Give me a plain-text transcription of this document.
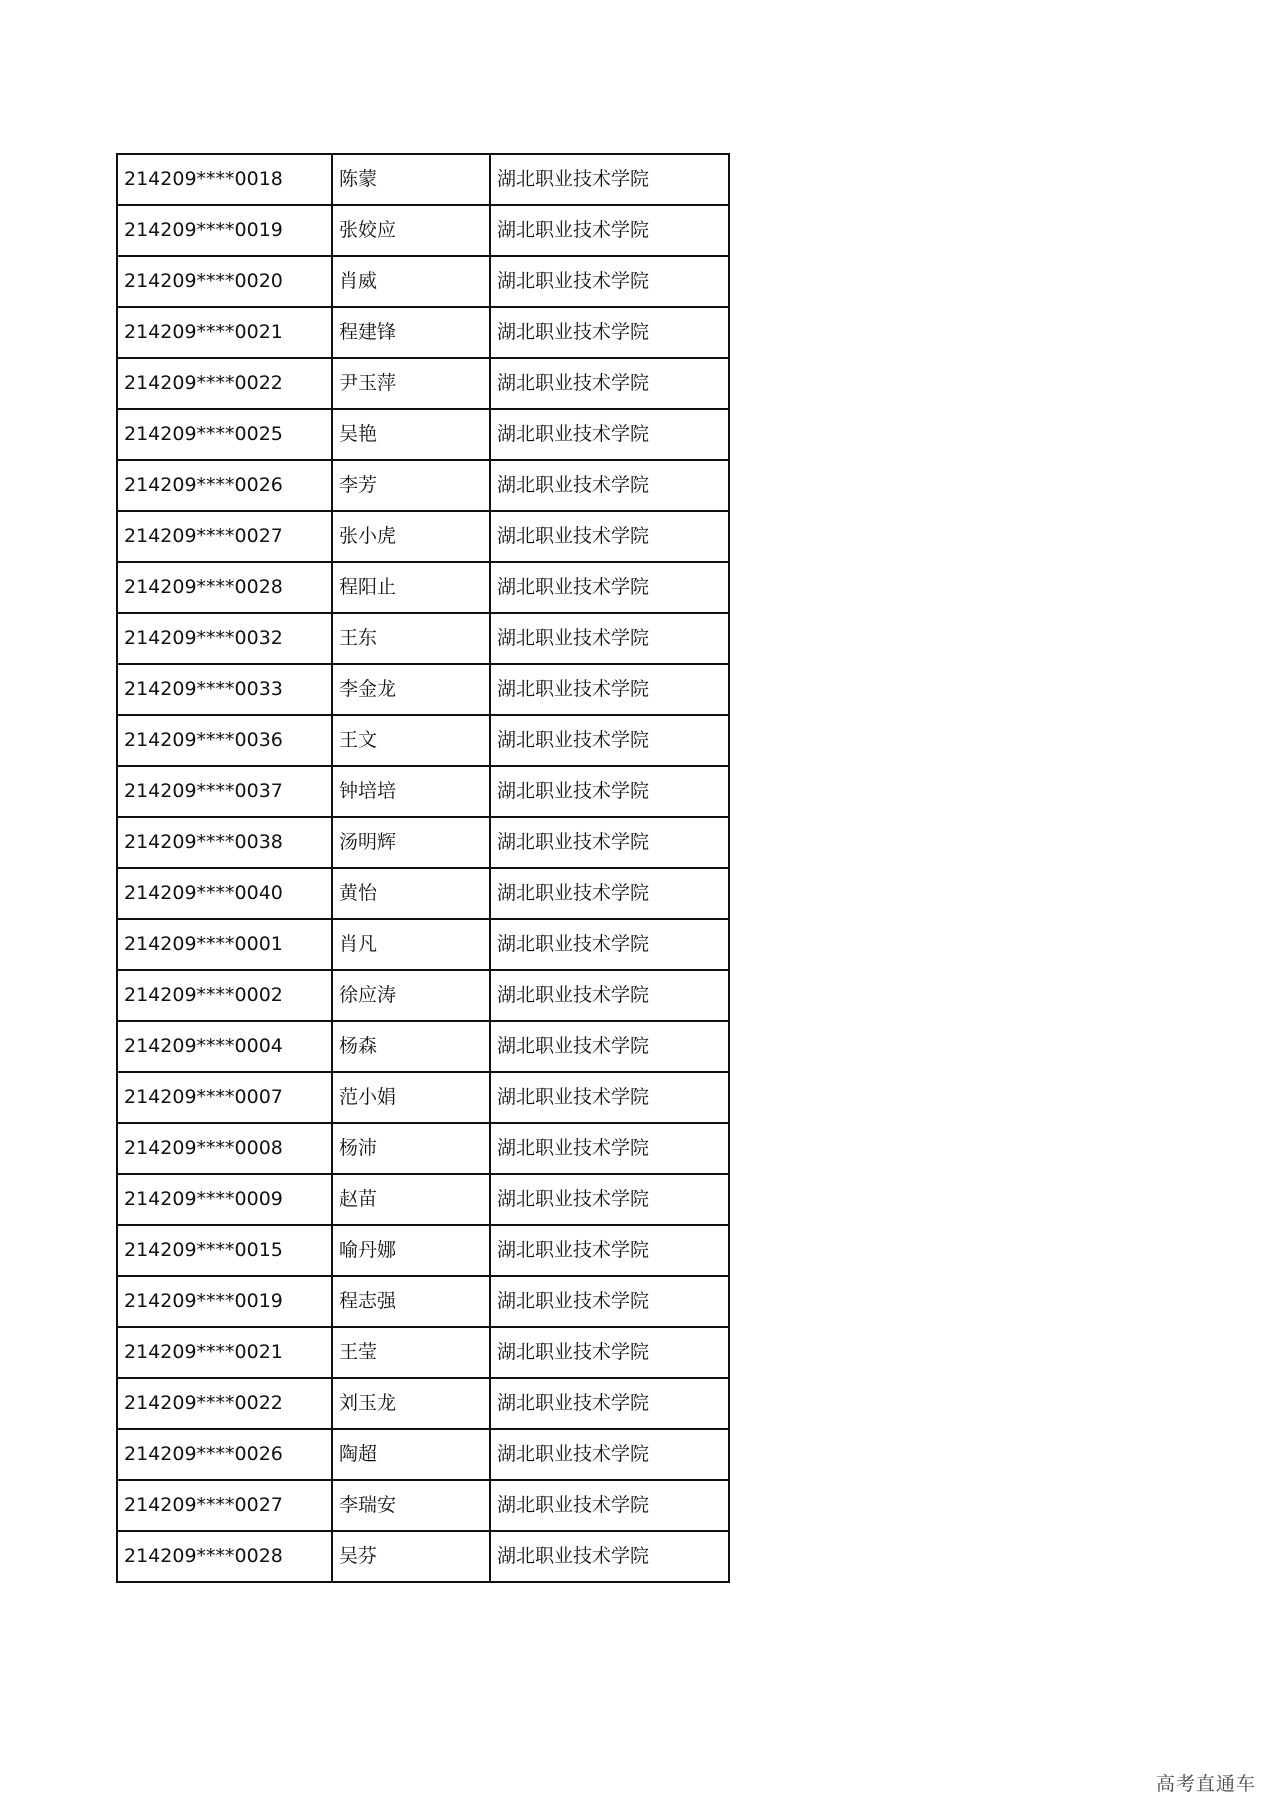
214209****0018	陈蒙	湖北职业技术学院
214209****0019	张姣应	湖北职业技术学院
214209****0020	肖威	湖北职业技术学院
214209****0021	程建锋	湖北职业技术学院
214209****0022	尹玉萍	湖北职业技术学院
214209****0025	吴艳	湖北职业技术学院
214209****0026	李芳	湖北职业技术学院
214209****0027	张小虎	湖北职业技术学院
214209****0028	程阳止	湖北职业技术学院
214209****0032	王东	湖北职业技术学院
214209****0033	李金龙	湖北职业技术学院
214209****0036	王文	湖北职业技术学院
214209****0037	钟培培	湖北职业技术学院
214209****0038	汤明辉	湖北职业技术学院
214209****0040	黄怡	湖北职业技术学院
214209****0001	肖凡	湖北职业技术学院
214209****0002	徐应涛	湖北职业技术学院
214209****0004	杨森	湖北职业技术学院
214209****0007	范小娟	湖北职业技术学院
214209****0008	杨沛	湖北职业技术学院
214209****0009	赵苗	湖北职业技术学院
214209****0015	喻丹娜	湖北职业技术学院
214209****0019	程志强	湖北职业技术学院
214209****0021	王莹	湖北职业技术学院
214209****0022	刘玉龙	湖北职业技术学院
214209****0026	陶超	湖北职业技术学院
214209****0027	李瑞安	湖北职业技术学院
214209****0028	吴芬	湖北职业技术学院
高考直通车
